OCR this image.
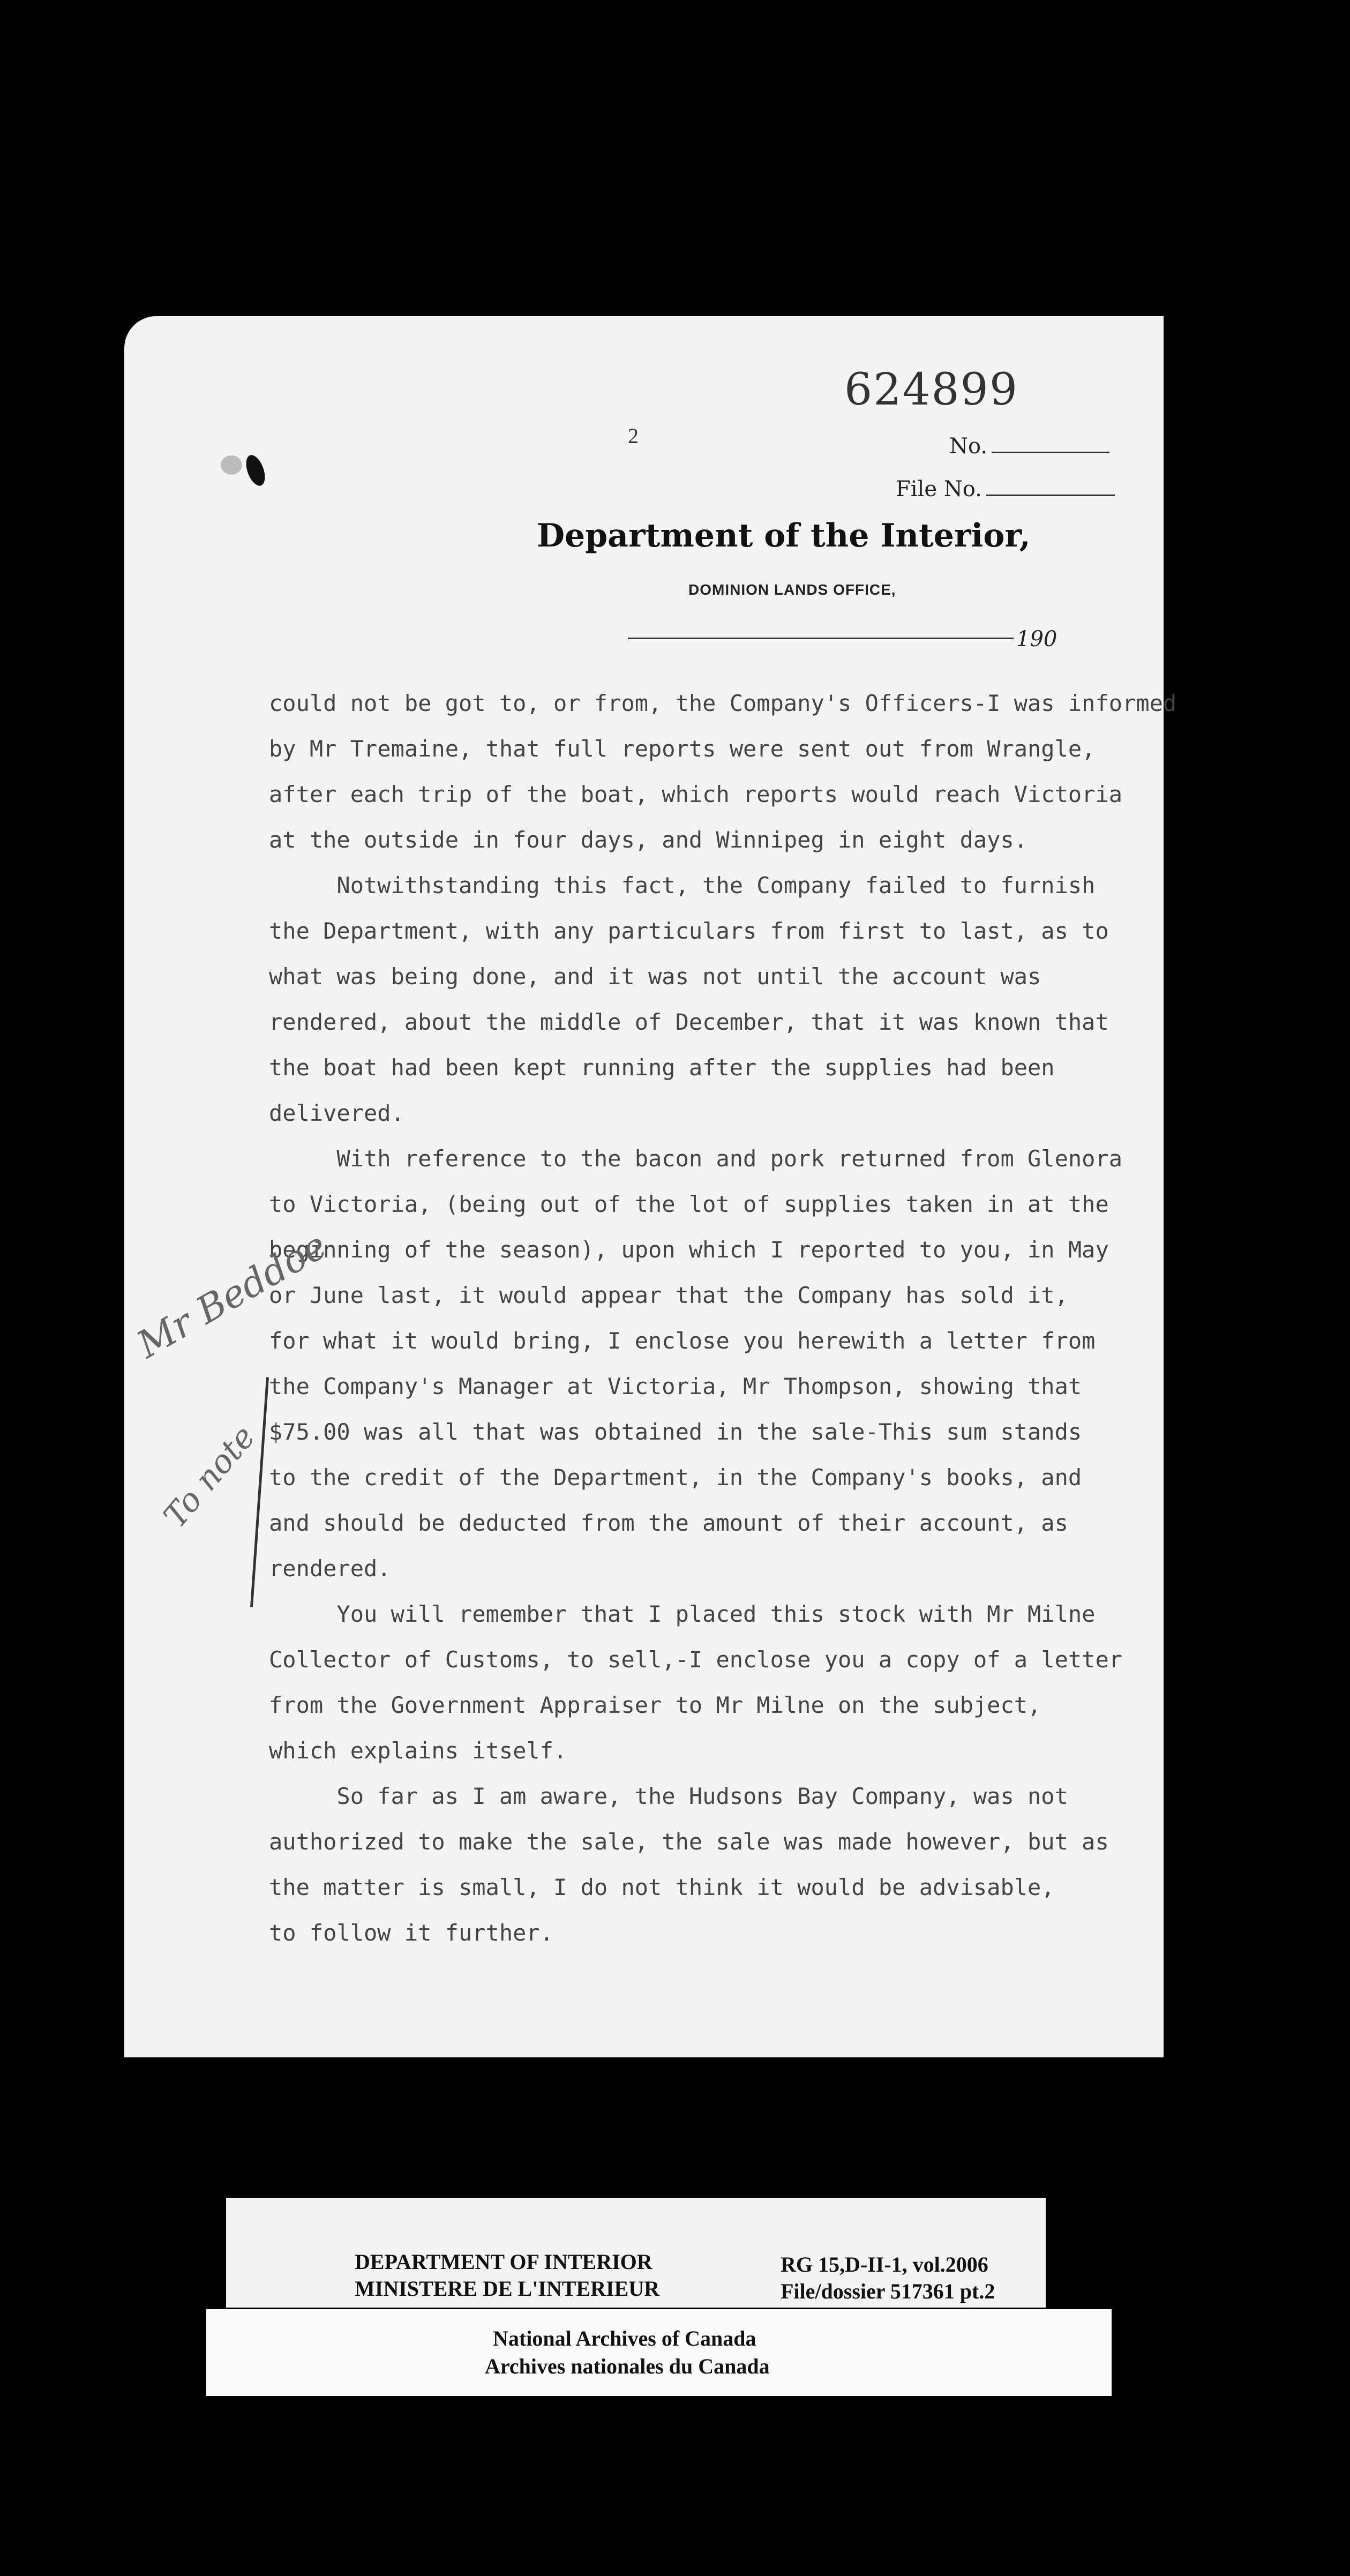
624899
2	No.
File No.
Department of the Interior,
DOMINION LANDS OFFICE,
190

could not be got to, or from, the Company's Officers-I was informed

by Mr Tremaine, that full reports were sent out from Wrangle,

after each trip of the boat, which reports would reach Victoria

at the outside in four days, and Winnipeg in eight days.

Notwithstanding this fact, the Company failed to furnish

the Department, with any particulars from first to last, as to

what was being done, and it was not until the account was

rendered, about the middle of December, that it was known that

the boat had been kept running after the supplies had been

delivered.

With reference to the bacon and pork returned from Glenora

to Victoria, (being out of the lot of supplies taken in at the

beginning of the season), upon which I reported to you, in May

or June last, it would appear that the Company has sold it,

for what it would bring, I enclose you herewith a letter from

the Company's Manager at Victoria, Mr Thompson, showing that

$75.00 was all that was obtained in the sale-This sum stands

to the credit of the Department, in the Company's books, and

and should be deducted from the amount of their account, as

rendered.

You will remember that I placed this stock with Mr Milne

Collector of Customs, to sell,-I enclose you a copy of a letter

from the Government Appraiser to Mr Milne on the subject,

which explains itself.

So far as I am aware, the Hudsons Bay Company, was not

authorized to make the sale, the sale was made however, but as

the matter is small, I do not think it would be advisable,

to follow it further.

Mr Beddoe
To note
DEPARTMENT OF INTERIOR
MINISTERE DE L'INTERIEUR
RG 15,D-II-1, vol.2006
File/dossier 517361 pt.2
National Archives of Canada
Archives nationales du Canada
